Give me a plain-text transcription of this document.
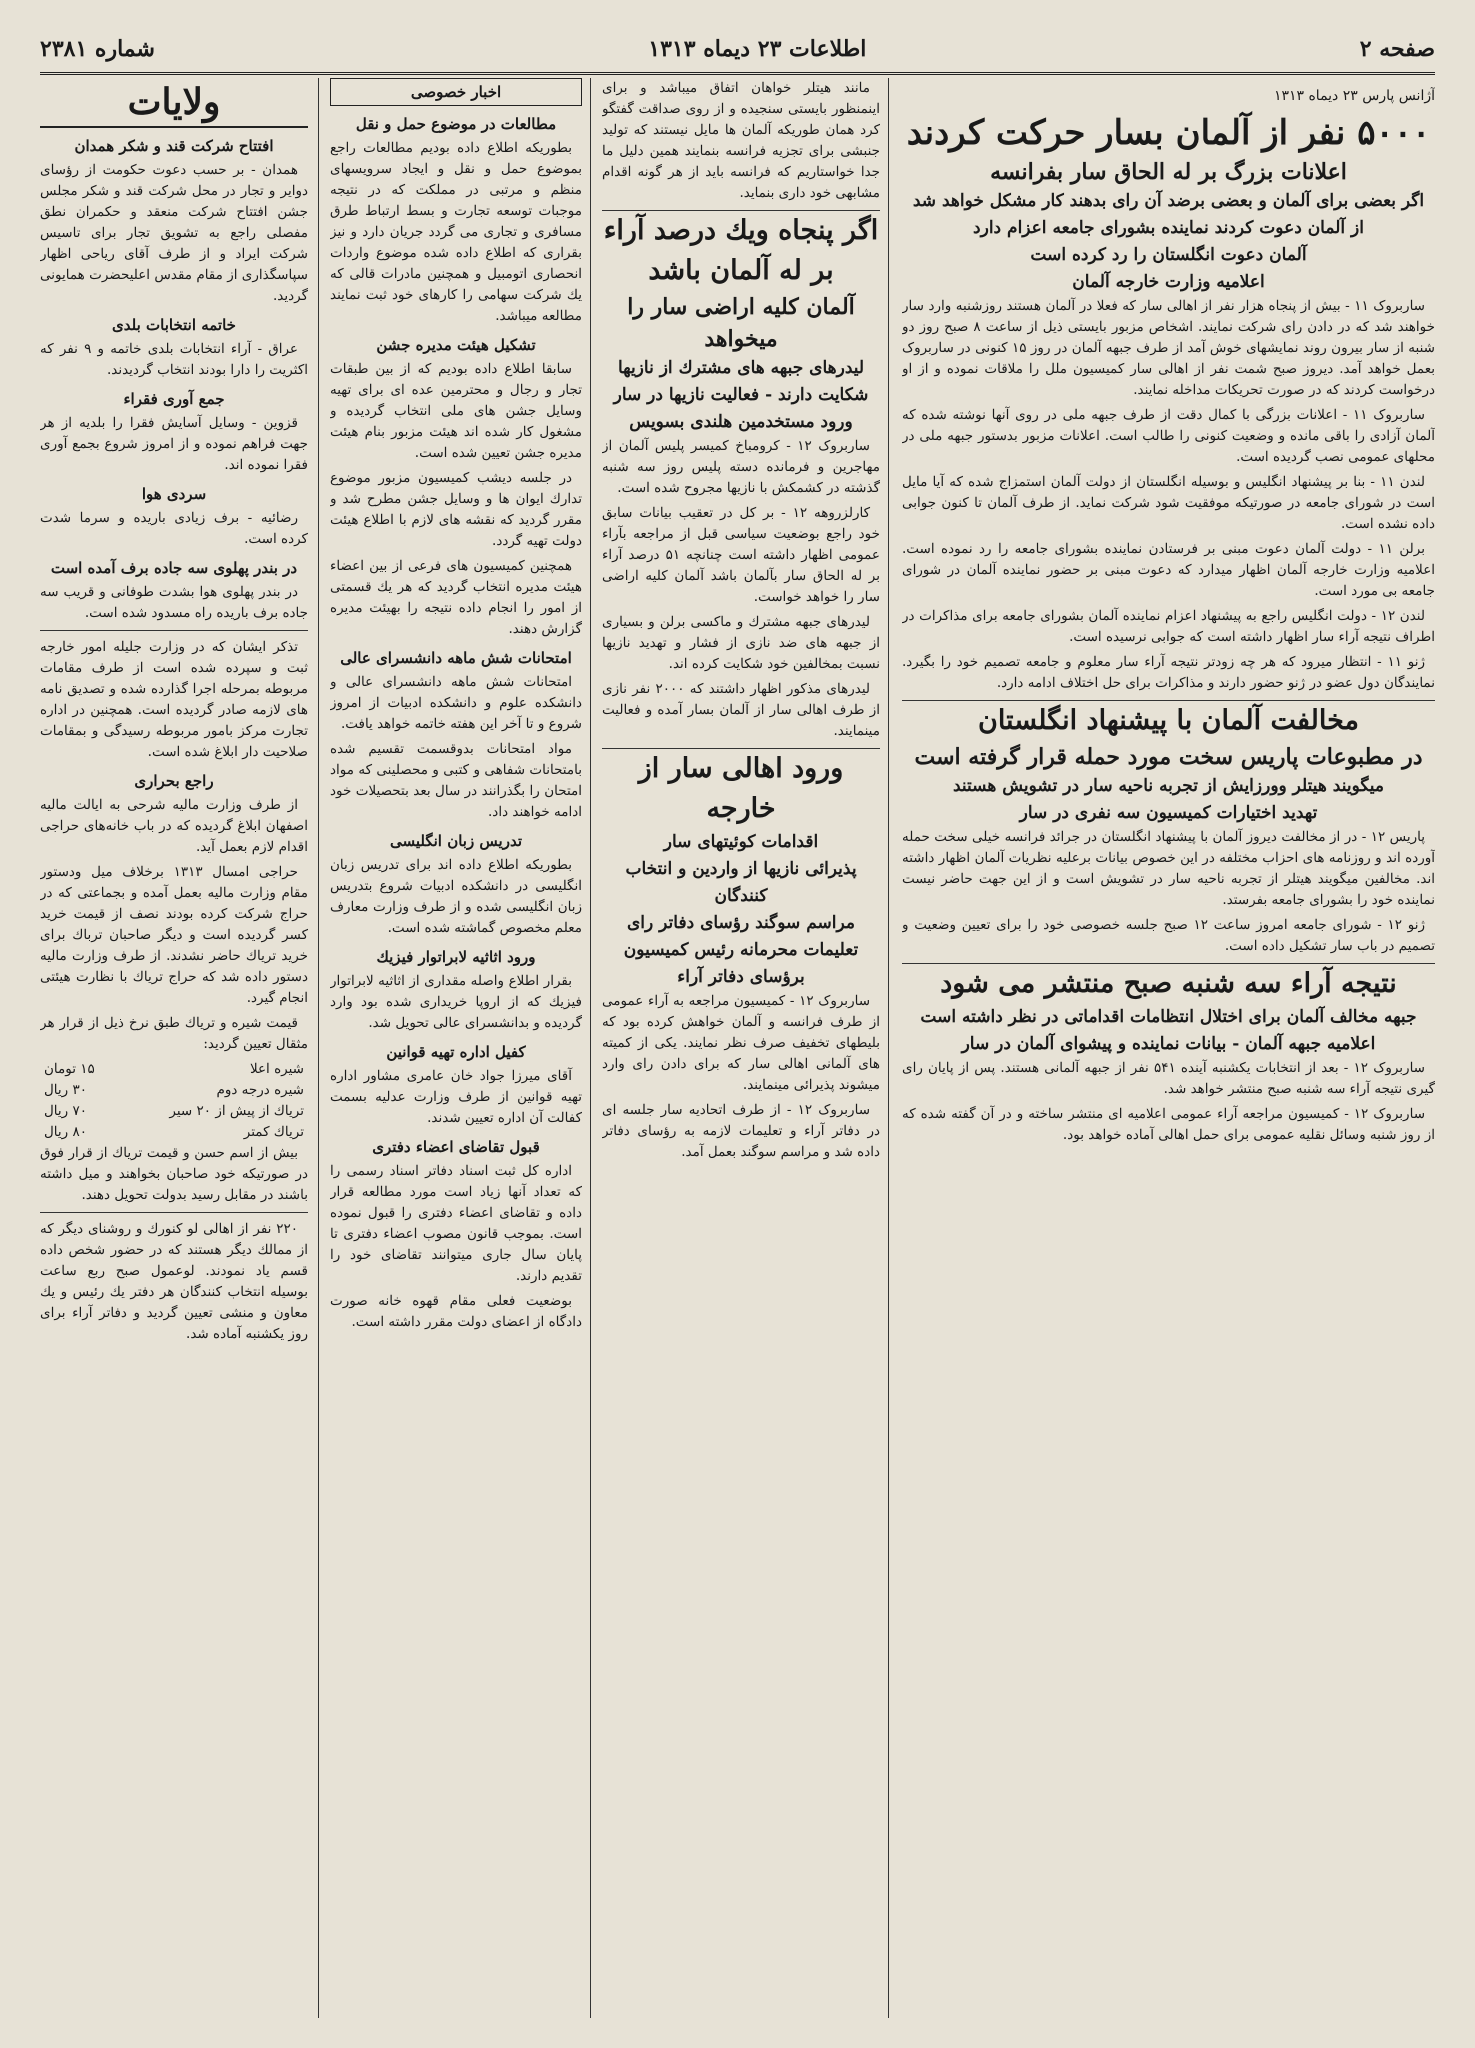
صفحه ۲
اطلاعات ۲۳ دیماه ۱۳۱۳
شماره ۲۳۸۱
آژانس پارس ۲۳ دیماه ۱۳۱۳
۵۰۰۰ نفر از آلمان بسار حرکت کردند
اعلانات بزرگ بر له الحاق سار بفرانسه
اگر بعضی برای آلمان و بعضی برضد آن رای بدهند کار مشکل خواهد شد
از آلمان دعوت کردند نماینده بشورای جامعه اعزام دارد
آلمان دعوت انگلستان را رد کرده است
اعلامیه وزارت خارجه آلمان

ساربروک ۱۱ - بیش از پنجاه هزار نفر از اهالی سار که فعلا در آلمان هستند روزشنبه وارد سار خواهند شد که در دادن رای شرکت نمایند. اشخاص مزبور بایستی ذیل از ساعت ۸ صبح روز دو شنبه از سار بیرون روند نمایشهای خوش آمد از طرف جبهه آلمان در روز ۱۵ کنونی در ساربروک بعمل خواهد آمد. دیروز صبح شمت نفر از اهالی سار کمیسیون ملل را ملاقات نموده و از او درخواست کردند که در صورت تحریکات مداخله نمایند.

ساربروک ۱۱ - اعلانات بزرگی با کمال دقت از طرف جبهه ملی در روی آنها نوشته شده که آلمان آزادی را باقی مانده و وضعیت کنونی را طالب است. اعلانات مزبور بدستور جبهه ملی در محلهای عمومی نصب گردیده است.

لندن ۱۱ - بنا بر پیشنهاد انگلیس و بوسیله انگلستان از دولت آلمان استمزاج شده که آیا مایل است در شورای جامعه در صورتیکه موفقیت شود شرکت نماید. از طرف آلمان تا کنون جوابی داده نشده است.

برلن ۱۱ - دولت آلمان دعوت مبنی بر فرستادن نماینده بشورای جامعه را رد نموده است. اعلامیه وزارت خارجه آلمان اظهار میدارد که دعوت مبنی بر حضور نماینده آلمان در شورای جامعه بی مورد است.

لندن ۱۲ - دولت انگلیس راجع به پیشنهاد اعزام نماینده آلمان بشورای جامعه برای مذاکرات در اطراف نتیجه آراء سار اظهار داشته است که جوابی نرسیده است.

ژنو ۱۱ - انتظار میرود که هر چه زودتر نتیجه آراء سار معلوم و جامعه تصمیم خود را بگیرد. نمایندگان دول عضو در ژنو حضور دارند و مذاکرات برای حل اختلاف ادامه دارد.

مخالفت آلمان با پیشنهاد انگلستان
در مطبوعات پاریس سخت مورد حمله قرار گرفته است
میگویند هیتلر وورزایش از تجربه ناحیه سار در تشویش هستند
تهدید اختیارات کمیسیون سه نفری در سار

پاریس ۱۲ - در از مخالفت دیروز آلمان با پیشنهاد انگلستان در جرائد فرانسه خیلی سخت حمله آورده اند و روزنامه های احزاب مختلفه در این خصوص بیانات برعلیه نظریات آلمان اظهار داشته اند. مخالفین میگویند هیتلر از تجربه ناحیه سار در تشویش است و از این جهت حاضر نیست نماینده خود را بشورای جامعه بفرستد.

ژنو ۱۲ - شورای جامعه امروز ساعت ۱۲ صبح جلسه خصوصی خود را برای تعیین وضعیت و تصمیم در باب سار تشکیل داده است.

نتیجه آراء سه شنبه صبح منتشر می شود
جبهه مخالف آلمان برای اختلال انتظامات اقداماتی در نظر داشته است
اعلامیه جبهه آلمان - بیانات نماینده و پیشوای آلمان در سار

ساربروک ۱۲ - بعد از انتخابات یکشنبه آینده ۵۴۱ نفر از جبهه آلمانی هستند. پس از پایان رای گیری نتیجه آراء سه شنبه صبح منتشر خواهد شد.

ساربروک ۱۲ - کمیسیون مراجعه آراء عمومی اعلامیه ای منتشر ساخته و در آن گفته شده که از روز شنبه وسائل نقلیه عمومی برای حمل اهالی آماده خواهد بود.

مانند هیتلر خواهان اتفاق میباشد و برای اینمنظور بایستی سنجیده و از روی صداقت گفتگو کرد همان طوریکه آلمان ها مایل نیستند که تولید جنبشی برای تجزیه فرانسه بنمایند همین دلیل ما جدا خواستاریم که فرانسه باید از هر گونه اقدام مشابهی خود داری بنماید.

اگر پنجاه ویك درصد آراء بر له آلمان باشد
آلمان کلیه اراضی سار را میخواهد
لیدرهای جبهه های مشترك از نازیها شکایت دارند - فعالیت نازیها در سار
ورود مستخدمین هلندی بسویس

ساربروک ۱۲ - کرومباخ کمیسر پلیس آلمان از مهاجرین و فرمانده دسته پلیس روز سه شنبه گذشته در کشمکش با نازیها مجروح شده است.

کارلزروهه ۱۲ - بر کل در تعقیب بیانات سابق خود راجع بوضعیت سیاسی قبل از مراجعه بآراء عمومی اظهار داشته است چنانچه ۵۱ درصد آراء بر له الحاق سار بآلمان باشد آلمان کلیه اراضی سار را خواهد خواست.

لیدرهای جبهه مشترك و ماکسی برلن و بسیاری از جبهه های ضد نازی از فشار و تهدید نازیها نسبت بمخالفین خود شکایت کرده اند.

لیدرهای مذکور اظهار داشتند که ۲۰۰۰ نفر نازی از طرف اهالی سار از آلمان بسار آمده و فعالیت مینمایند.

ورود اهالی سار از خارجه
اقدامات کوئیتهای سار
پذیرائی نازیها از واردین و انتخاب کنندگان
مراسم سوگند رؤسای دفاتر رای
تعلیمات محرمانه رئیس کمیسیون برؤسای دفاتر آراء

ساربروک ۱۲ - کمیسیون مراجعه به آراء عمومی از طرف فرانسه و آلمان خواهش کرده بود که بلیطهای تخفیف صرف نظر نمایند. یکی از کمیته های آلمانی اهالی سار که برای دادن رای وارد میشوند پذیرائی مینمایند.

ساربروک ۱۲ - از طرف اتحادیه سار جلسه ای در دفاتر آراء و تعلیمات لازمه به رؤسای دفاتر داده شد و مراسم سوگند بعمل آمد.

اخبار خصوصی
مطالعات در موضوع حمل و نقل

بطوریکه اطلاع داده بودیم مطالعات راجع بموضوع حمل و نقل و ایجاد سرویسهای منظم و مرتبی در مملکت که در نتیجه موجبات توسعه تجارت و بسط ارتباط طرق مسافری و تجاری می گردد جریان دارد و نیز بقراری که اطلاع داده شده موضوع واردات انحصاری اتومبیل و همچنین مادرات قالی که یك شرکت سهامی را کارهای خود ثبت نمایند مطالعه میباشد.

تشکیل هیئت مدیره جشن

سابقا اطلاع داده بودیم که از بین طبقات تجار و رجال و محترمین عده ای برای تهیه وسایل جشن های ملی انتخاب گردیده و مشغول کار شده اند هیئت مزبور بنام هیئت مدیره جشن تعیین شده است.

در جلسه دیشب کمیسیون مزبور موضوع تدارك ایوان ها و وسایل جشن مطرح شد و مقرر گردید که نقشه های لازم با اطلاع هیئت دولت تهیه گردد.

همچنین کمیسیون های فرعی از بین اعضاء هیئت مدیره انتخاب گردید که هر یك قسمتی از امور را انجام داده نتیجه را بهیئت مدیره گزارش دهند.

امتحانات شش ماهه دانشسرای عالی

امتحانات شش ماهه دانشسرای عالی و دانشکده علوم و دانشکده ادبیات از امروز شروع و تا آخر این هفته خاتمه خواهد یافت.

مواد امتحانات بدوقسمت تقسیم شده بامتحانات شفاهی و کتبی و محصلینی که مواد امتحان را بگذرانند در سال بعد بتحصیلات خود ادامه خواهند داد.

تدریس زبان انگلیسی

بطوریکه اطلاع داده اند برای تدریس زبان انگلیسی در دانشکده ادبیات شروع بتدریس زبان انگلیسی شده و از طرف وزارت معارف معلم مخصوص گماشته شده است.

ورود اثاثیه لابراتوار فیزیك

بقرار اطلاع واصله مقداری از اثاثیه لابراتوار فیزیك که از اروپا خریداری شده بود وارد گردیده و بدانشسرای عالی تحویل شد.

کفیل اداره تهیه قوانین

آقای میرزا جواد خان عامری مشاور اداره تهیه قوانین از طرف وزارت عدلیه بسمت کفالت آن اداره تعیین شدند.

قبول تقاضای اعضاء دفتری

اداره کل ثبت اسناد دفاتر اسناد رسمی را که تعداد آنها زیاد است مورد مطالعه قرار داده و تقاضای اعضاء دفتری را قبول نموده است. بموجب قانون مصوب اعضاء دفتری تا پایان سال جاری میتوانند تقاضای خود را تقدیم دارند.

بوضعیت فعلی مقام قهوه خانه صورت دادگاه از اعضای دولت مقرر داشته است.

ولایات
افتتاح شرکت قند و شکر همدان

همدان - بر حسب دعوت حکومت از رؤسای دوایر و تجار در محل شرکت قند و شکر مجلس جشن افتتاح شرکت منعقد و حکمران نطق مفصلی راجع به تشویق تجار برای تاسیس شرکت ایراد و از طرف آقای ریاحی اظهار سپاسگذاری از مقام مقدس اعلیحضرت همایونی گردید.

خاتمه انتخابات بلدی

عراق - آراء انتخابات بلدی خاتمه و ۹ نفر که اکثریت را دارا بودند انتخاب گردیدند.

جمع آوری فقراء

قزوین - وسایل آسایش فقرا را بلدیه از هر جهت فراهم نموده و از امروز شروع بجمع آوری فقرا نموده اند.

سردی هوا

رضائیه - برف زیادی باریده و سرما شدت کرده است.

در بندر پهلوی سه جاده برف آمده است

در بندر پهلوی هوا بشدت طوفانی و قریب سه جاده برف باریده راه مسدود شده است.

تذکر ایشان که در وزارت جلیله امور خارجه ثبت و سپرده شده است از طرف مقامات مربوطه بمرحله اجرا گذارده شده و تصدیق نامه های لازمه صادر گردیده است. همچنین در اداره تجارت مرکز بامور مربوطه رسیدگی و بمقامات صلاحیت دار ابلاغ شده است.

راجع بحراری

از طرف وزارت مالیه شرحی به ایالت مالیه اصفهان ابلاغ گردیده که در باب خانه‌های حراجی اقدام لازم بعمل آید.

حراجی امسال ۱۳۱۳ برخلاف میل ودستور مقام وزارت مالیه بعمل آمده و بجماعتی که در حراج شرکت کرده بودند نصف از قیمت خرید کسر گردیده است و دیگر صاحبان ترباك برای خرید تریاك حاضر نشدند. از طرف وزارت مالیه دستور داده شد که حراج تریاك با نظارت هیئتی انجام گیرد.

قیمت شیره و تریاك طبق نرخ ذیل از قرار هر مثقال تعیین گردید:

شیره اعلا	۱۵ تومان
شیره درجه دوم	۳۰ ریال
تریاك از پیش از ۲۰ سیر	۷۰ ریال
تریاك کمتر	۸۰ ریال

بیش از اسم حسن و قیمت تریاك از قرار فوق در صورتیکه خود صاحبان بخواهند و میل داشته باشند در مقابل رسید بدولت تحویل دهند.

۲۲۰ نفر از اهالی لو کنورك و روشنای دیگر که از ممالك دیگر هستند که در حضور شخص داده قسم یاد نمودند. لوعمول صبح ربع ساعت بوسیله انتخاب کنندگان هر دفتر یك رئیس و یك معاون و منشی تعیین گردید و دفاتر آراء برای روز یکشنبه آماده شد.
